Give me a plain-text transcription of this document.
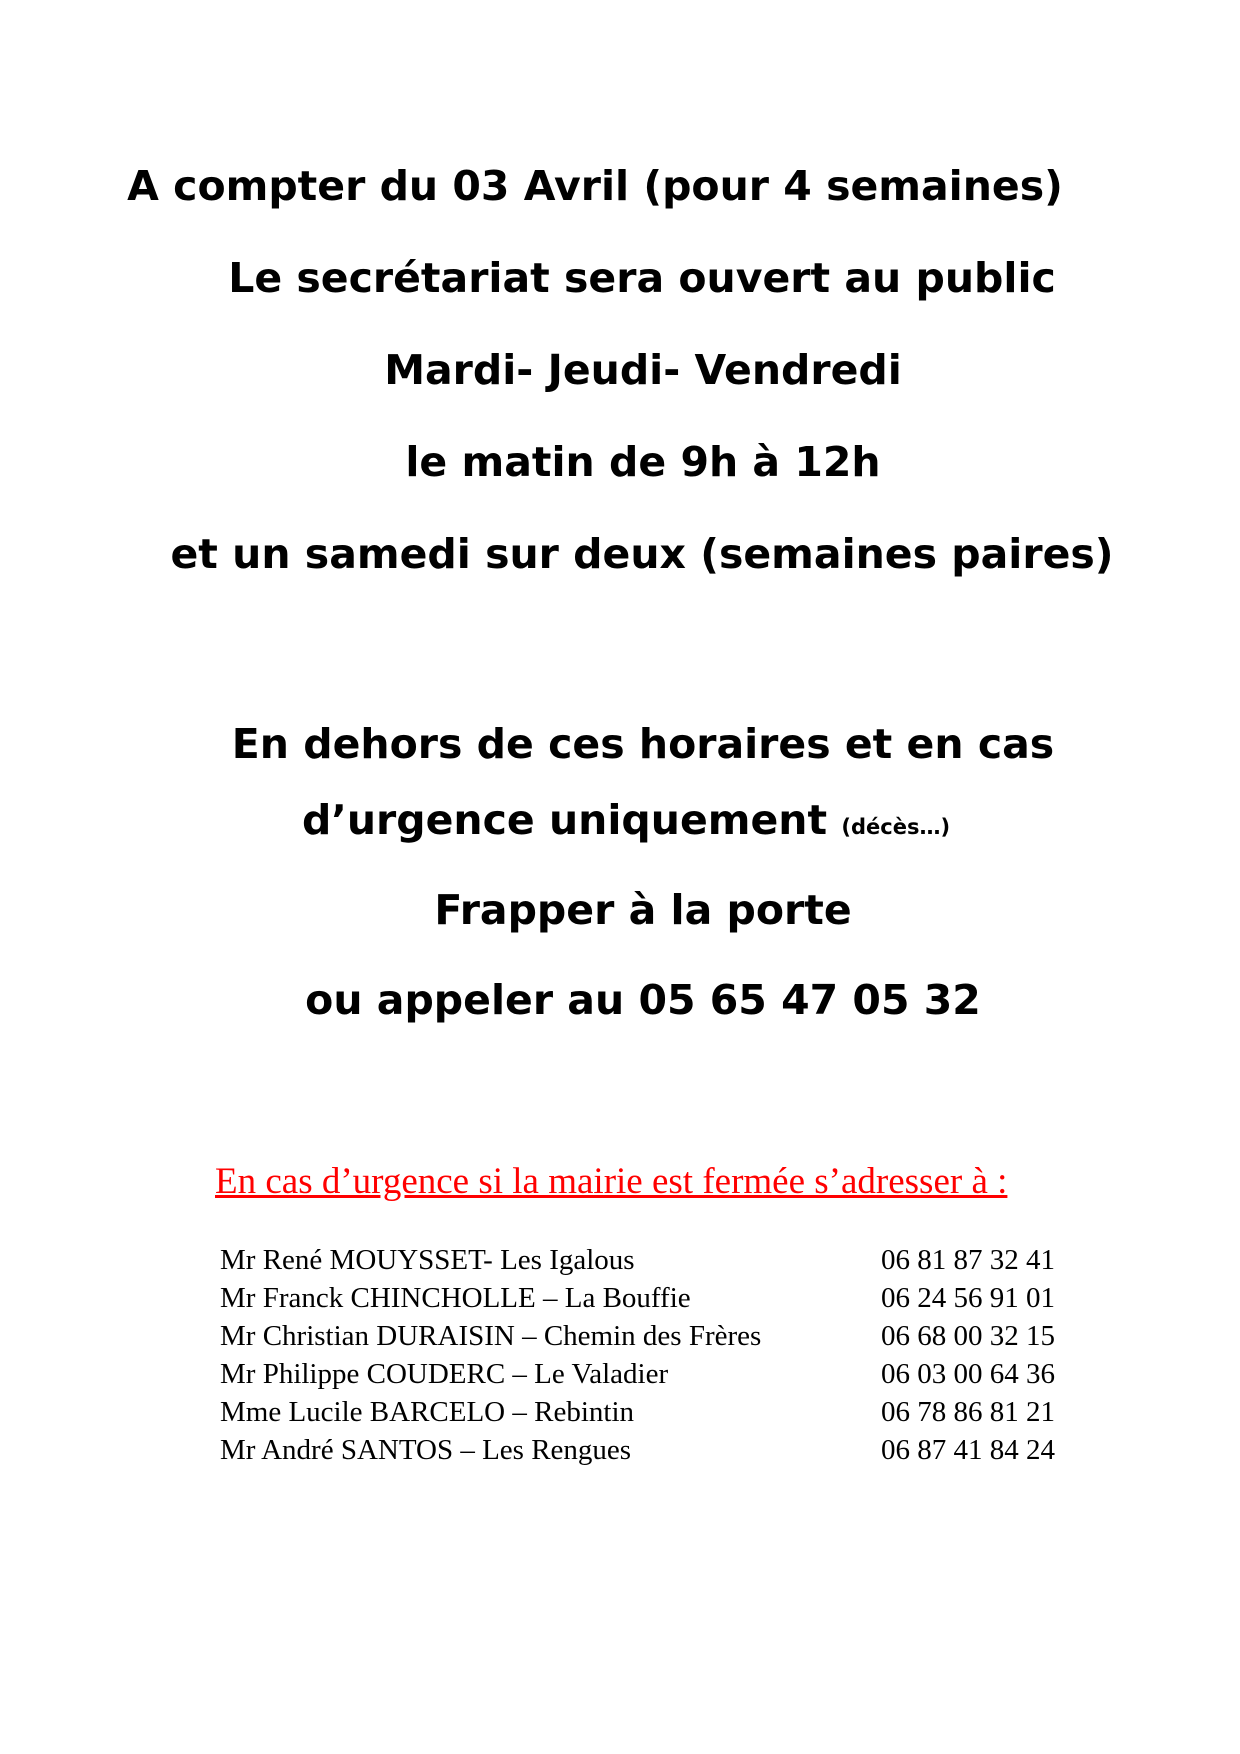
A compter du 03 Avril (pour 4 semaines)
Le secrétariat sera ouvert au public
Mardi- Jeudi- Vendredi
le matin de 9h à 12h
et un samedi sur deux (semaines paires)
En dehors de ces horaires et en cas
d’urgence uniquement (décès…)
Frapper à la porte
ou appeler au 05 65 47 05 32
En cas d’urgence si la mairie est fermée s’adresser à :
Mr René MOUYSSET- Les Igalous	06 81 87 32 41
Mr Franck CHINCHOLLE – La Bouffie	06 24 56 91 01
Mr Christian DURAISIN – Chemin des Frères	06 68 00 32 15
Mr Philippe COUDERC – Le Valadier	06 03 00 64 36
Mme Lucile BARCELO – Rebintin	06 78 86 81 21
Mr André SANTOS – Les Rengues	06 87 41 84 24
